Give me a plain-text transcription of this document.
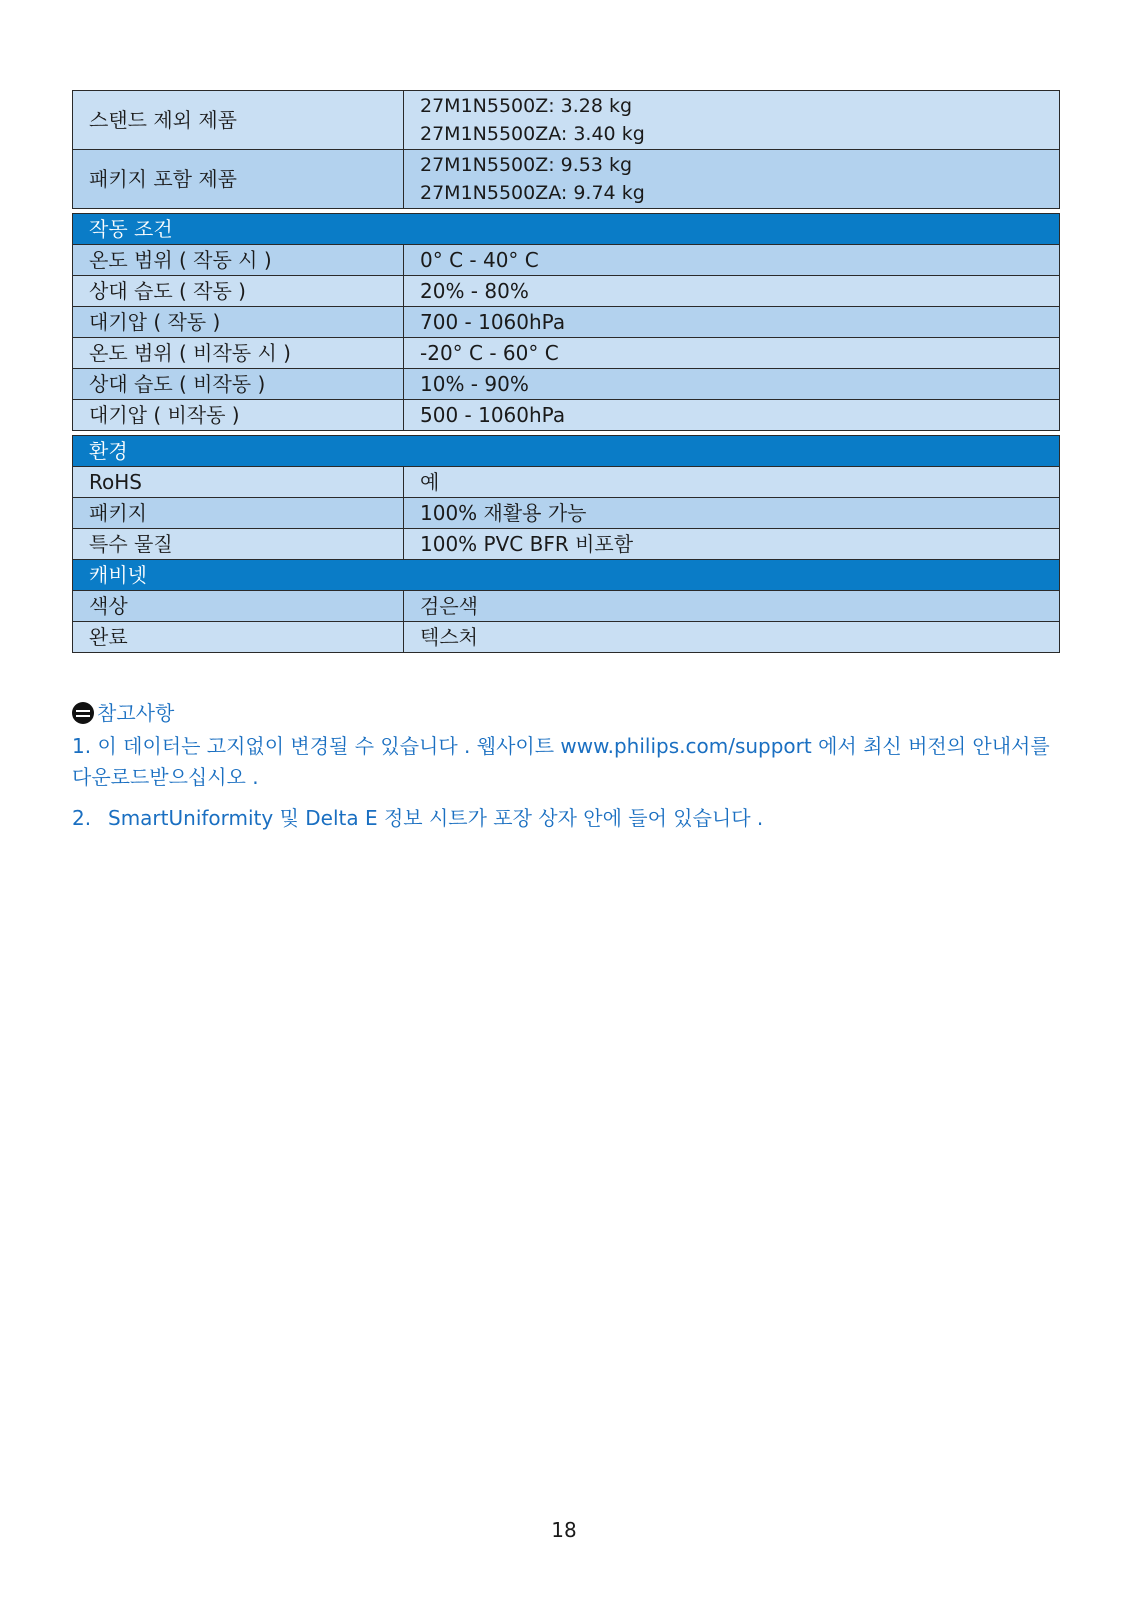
스탠드 제외 제품	27M1N5500Z: 3.28 kg
27M1N5500ZA: 3.40 kg

패키지 포함 제품	27M1N5500Z: 9.53 kg
27M1N5500ZA: 9.74 kg

작동 조건	
온도 범위 ( 작동 시 )	0° C - 40° C
상대 습도 ( 작동 )	20% - 80%
대기압 ( 작동 )	700 - 1060hPa
온도 범위 ( 비작동 시 )	-20° C - 60° C
상대 습도 ( 비작동 )	10% - 90%
대기압 ( 비작동 )	500 - 1060hPa

환경	
RoHS	예
패키지	100% 재활용 가능
특수 물질	100% PVC BFR 비포함
캐비넷	
색상	검은색
완료	텍스처
참고사항
1. 이 데이터는 고지없이 변경될 수 있습니다 . 웹사이트 www.philips.com/support 에서 최신 버전의 안내서를 다운로드받으십시오 .
2. SmartUniformity 및 Delta E 정보 시트가 포장 상자 안에 들어 있습니다 .
18
